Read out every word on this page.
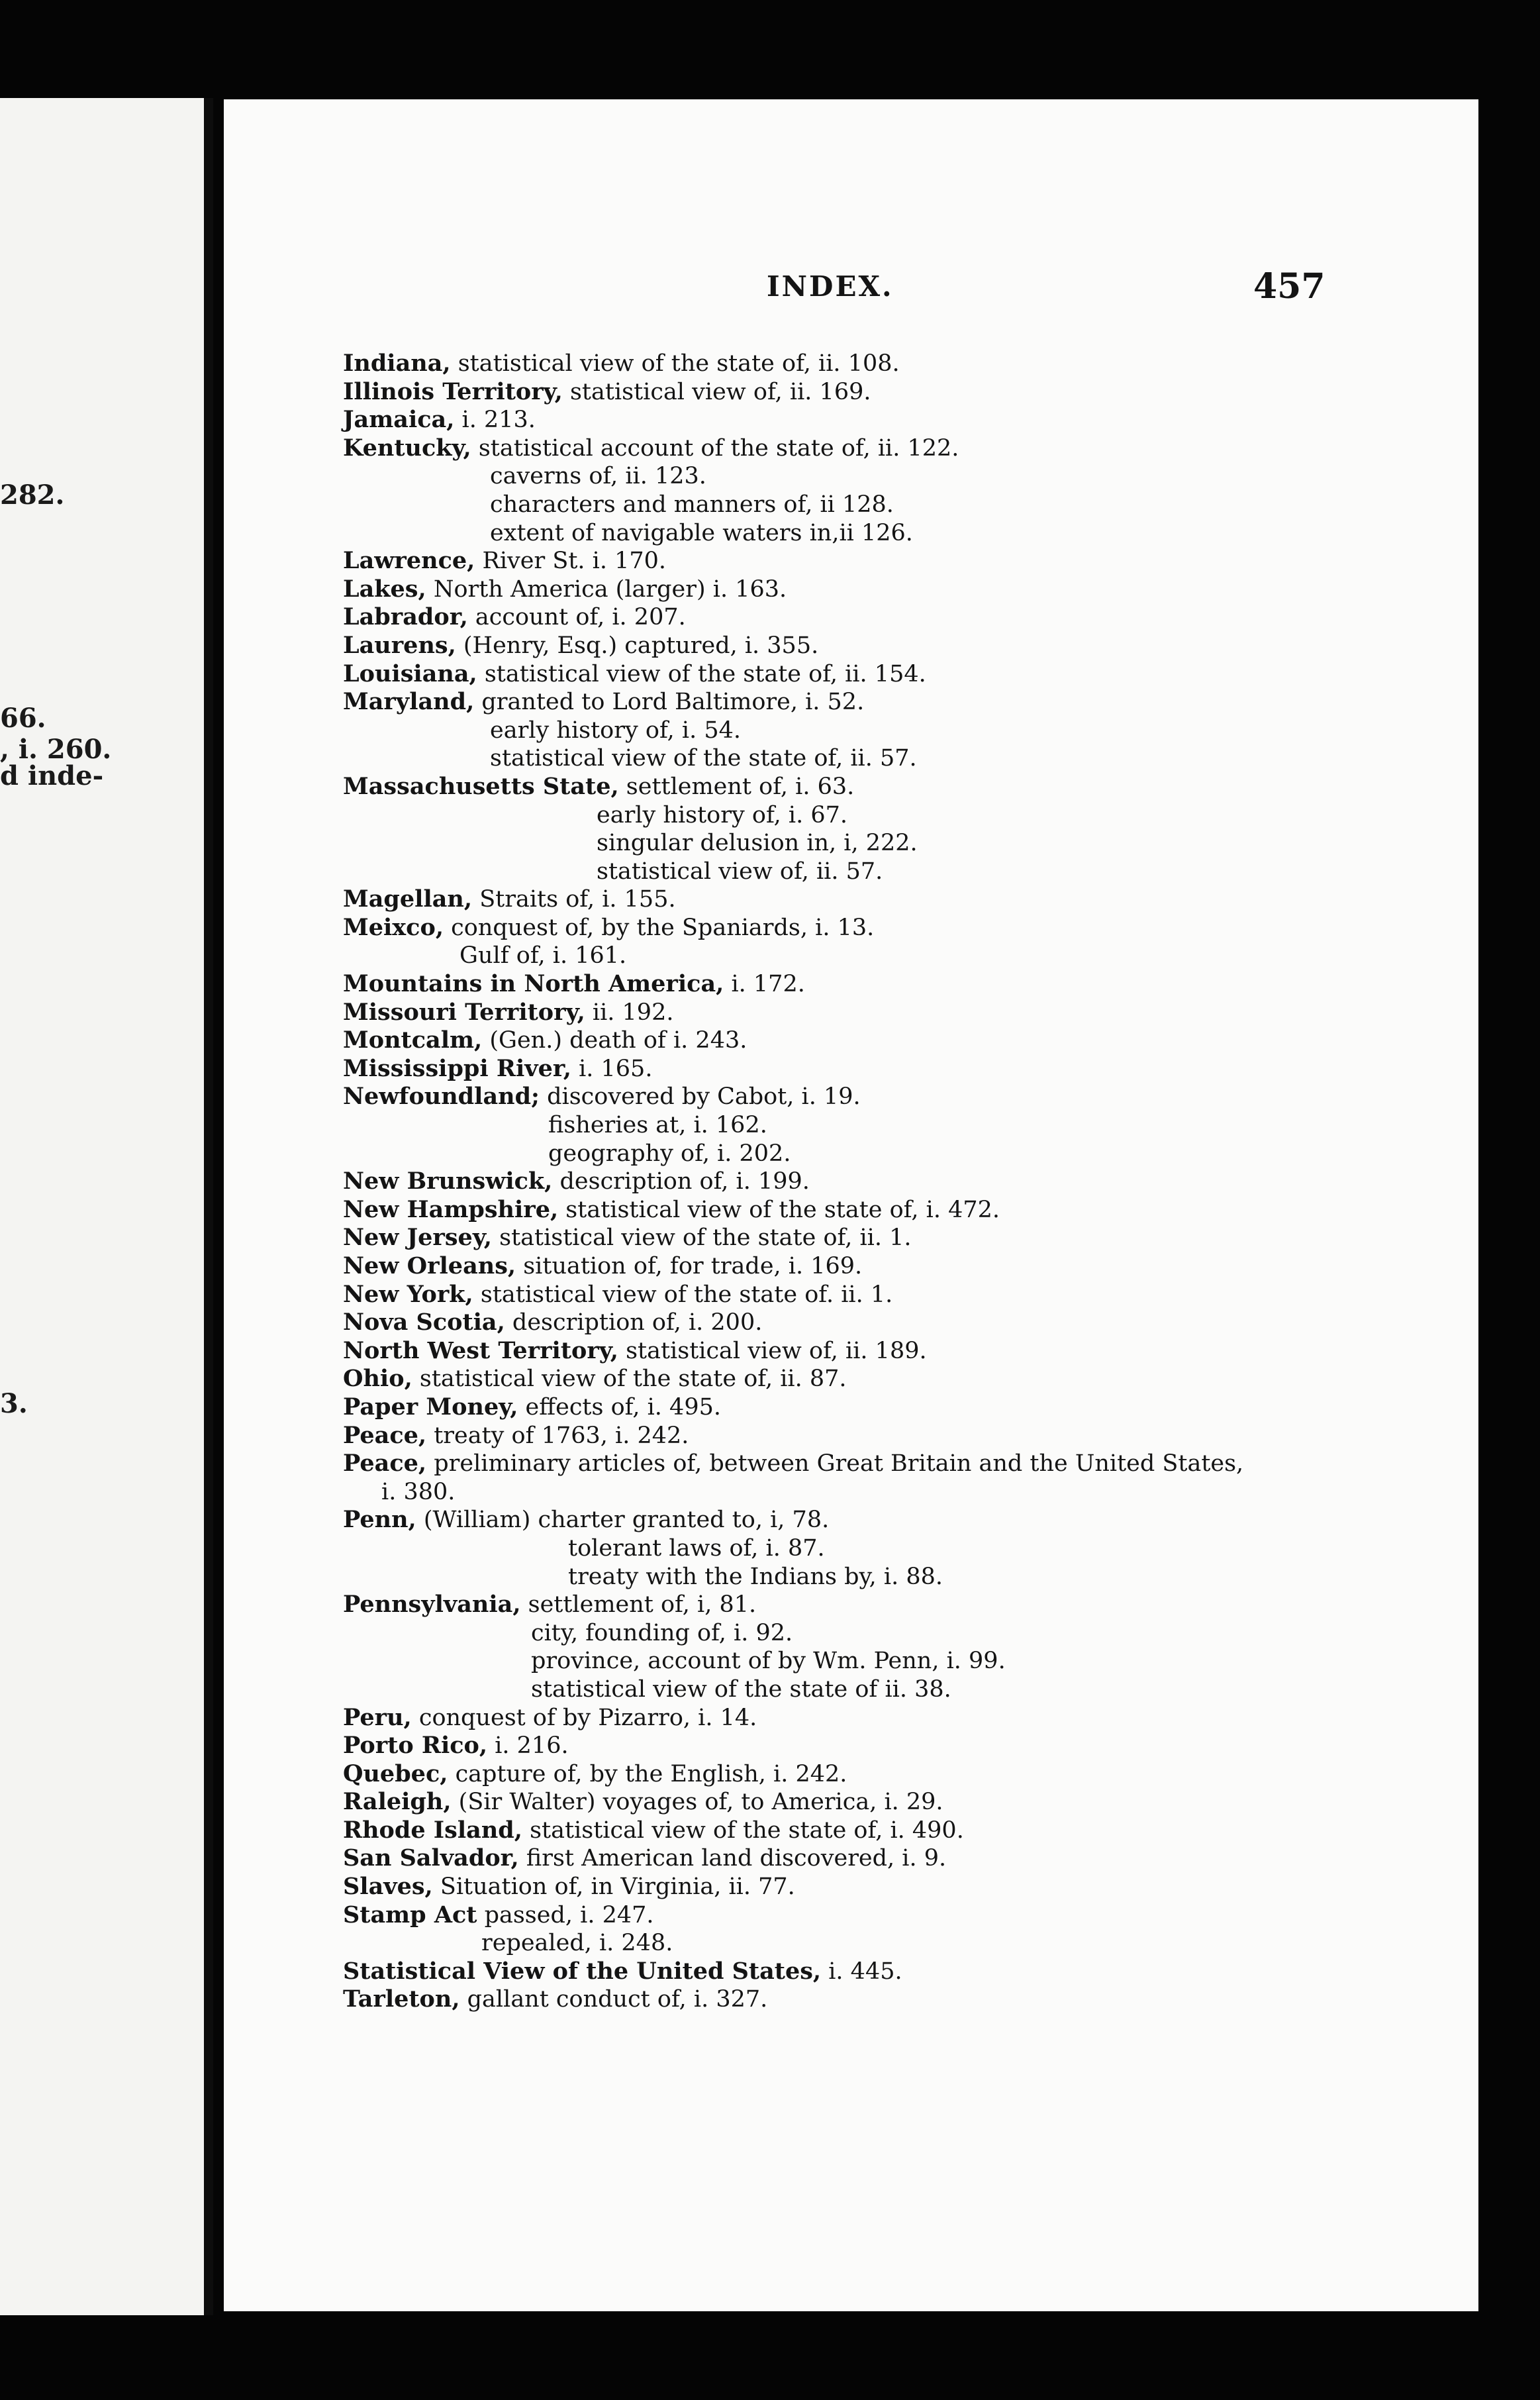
282.
66.
, i. 260.
d inde-
3.
INDEX.	457
Indiana, statistical view of the state of, ii. 108.
Illinois Territory, statistical view of, ii. 169.
Jamaica, i. 213.
Kentucky, statistical account of the state of, ii. 122.
caverns of, ii. 123.
characters and manners of, ii 128.
extent of navigable waters in,ii 126.
Lawrence, River St. i. 170.
Lakes, North America (larger) i. 163.
Labrador, account of, i. 207.
Laurens, (Henry, Esq.) captured, i. 355.
Louisiana, statistical view of the state of, ii. 154.
Maryland, granted to Lord Baltimore, i. 52.
early history of, i. 54.
statistical view of the state of, ii. 57.
Massachusetts State, settlement of, i. 63.
early history of, i. 67.
singular delusion in, i, 222.
statistical view of, ii. 57.
Magellan, Straits of, i. 155.
Meixco, conquest of, by the Spaniards, i. 13.
Gulf of, i. 161.
Mountains in North America, i. 172.
Missouri Territory, ii. 192.
Montcalm, (Gen.) death of i. 243.
Mississippi River, i. 165.
Newfoundland; discovered by Cabot, i. 19.
fisheries at, i. 162.
geography of, i. 202.
New Brunswick, description of, i. 199.
New Hampshire, statistical view of the state of, i. 472.
New Jersey, statistical view of the state of, ii. 1.
New Orleans, situation of, for trade, i. 169.
New York, statistical view of the state of. ii. 1.
Nova Scotia, description of, i. 200.
North West Territory, statistical view of, ii. 189.
Ohio, statistical view of the state of, ii. 87.
Paper Money, effects of, i. 495.
Peace, treaty of 1763, i. 242.
Peace, preliminary articles of, between Great Britain and the United States,
i. 380.
Penn, (William) charter granted to, i, 78.
tolerant laws of, i. 87.
treaty with the Indians by, i. 88.
Pennsylvania, settlement of, i, 81.
city, founding of, i. 92.
province, account of by Wm. Penn, i. 99.
statistical view of the state of ii. 38.
Peru, conquest of by Pizarro, i. 14.
Porto Rico, i. 216.
Quebec, capture of, by the English, i. 242.
Raleigh, (Sir Walter) voyages of, to America, i. 29.
Rhode Island, statistical view of the state of, i. 490.
San Salvador, first American land discovered, i. 9.
Slaves, Situation of, in Virginia, ii. 77.
Stamp Act passed, i. 247.
repealed, i. 248.
Statistical View of the United States, i. 445.
Tarleton, gallant conduct of, i. 327.
